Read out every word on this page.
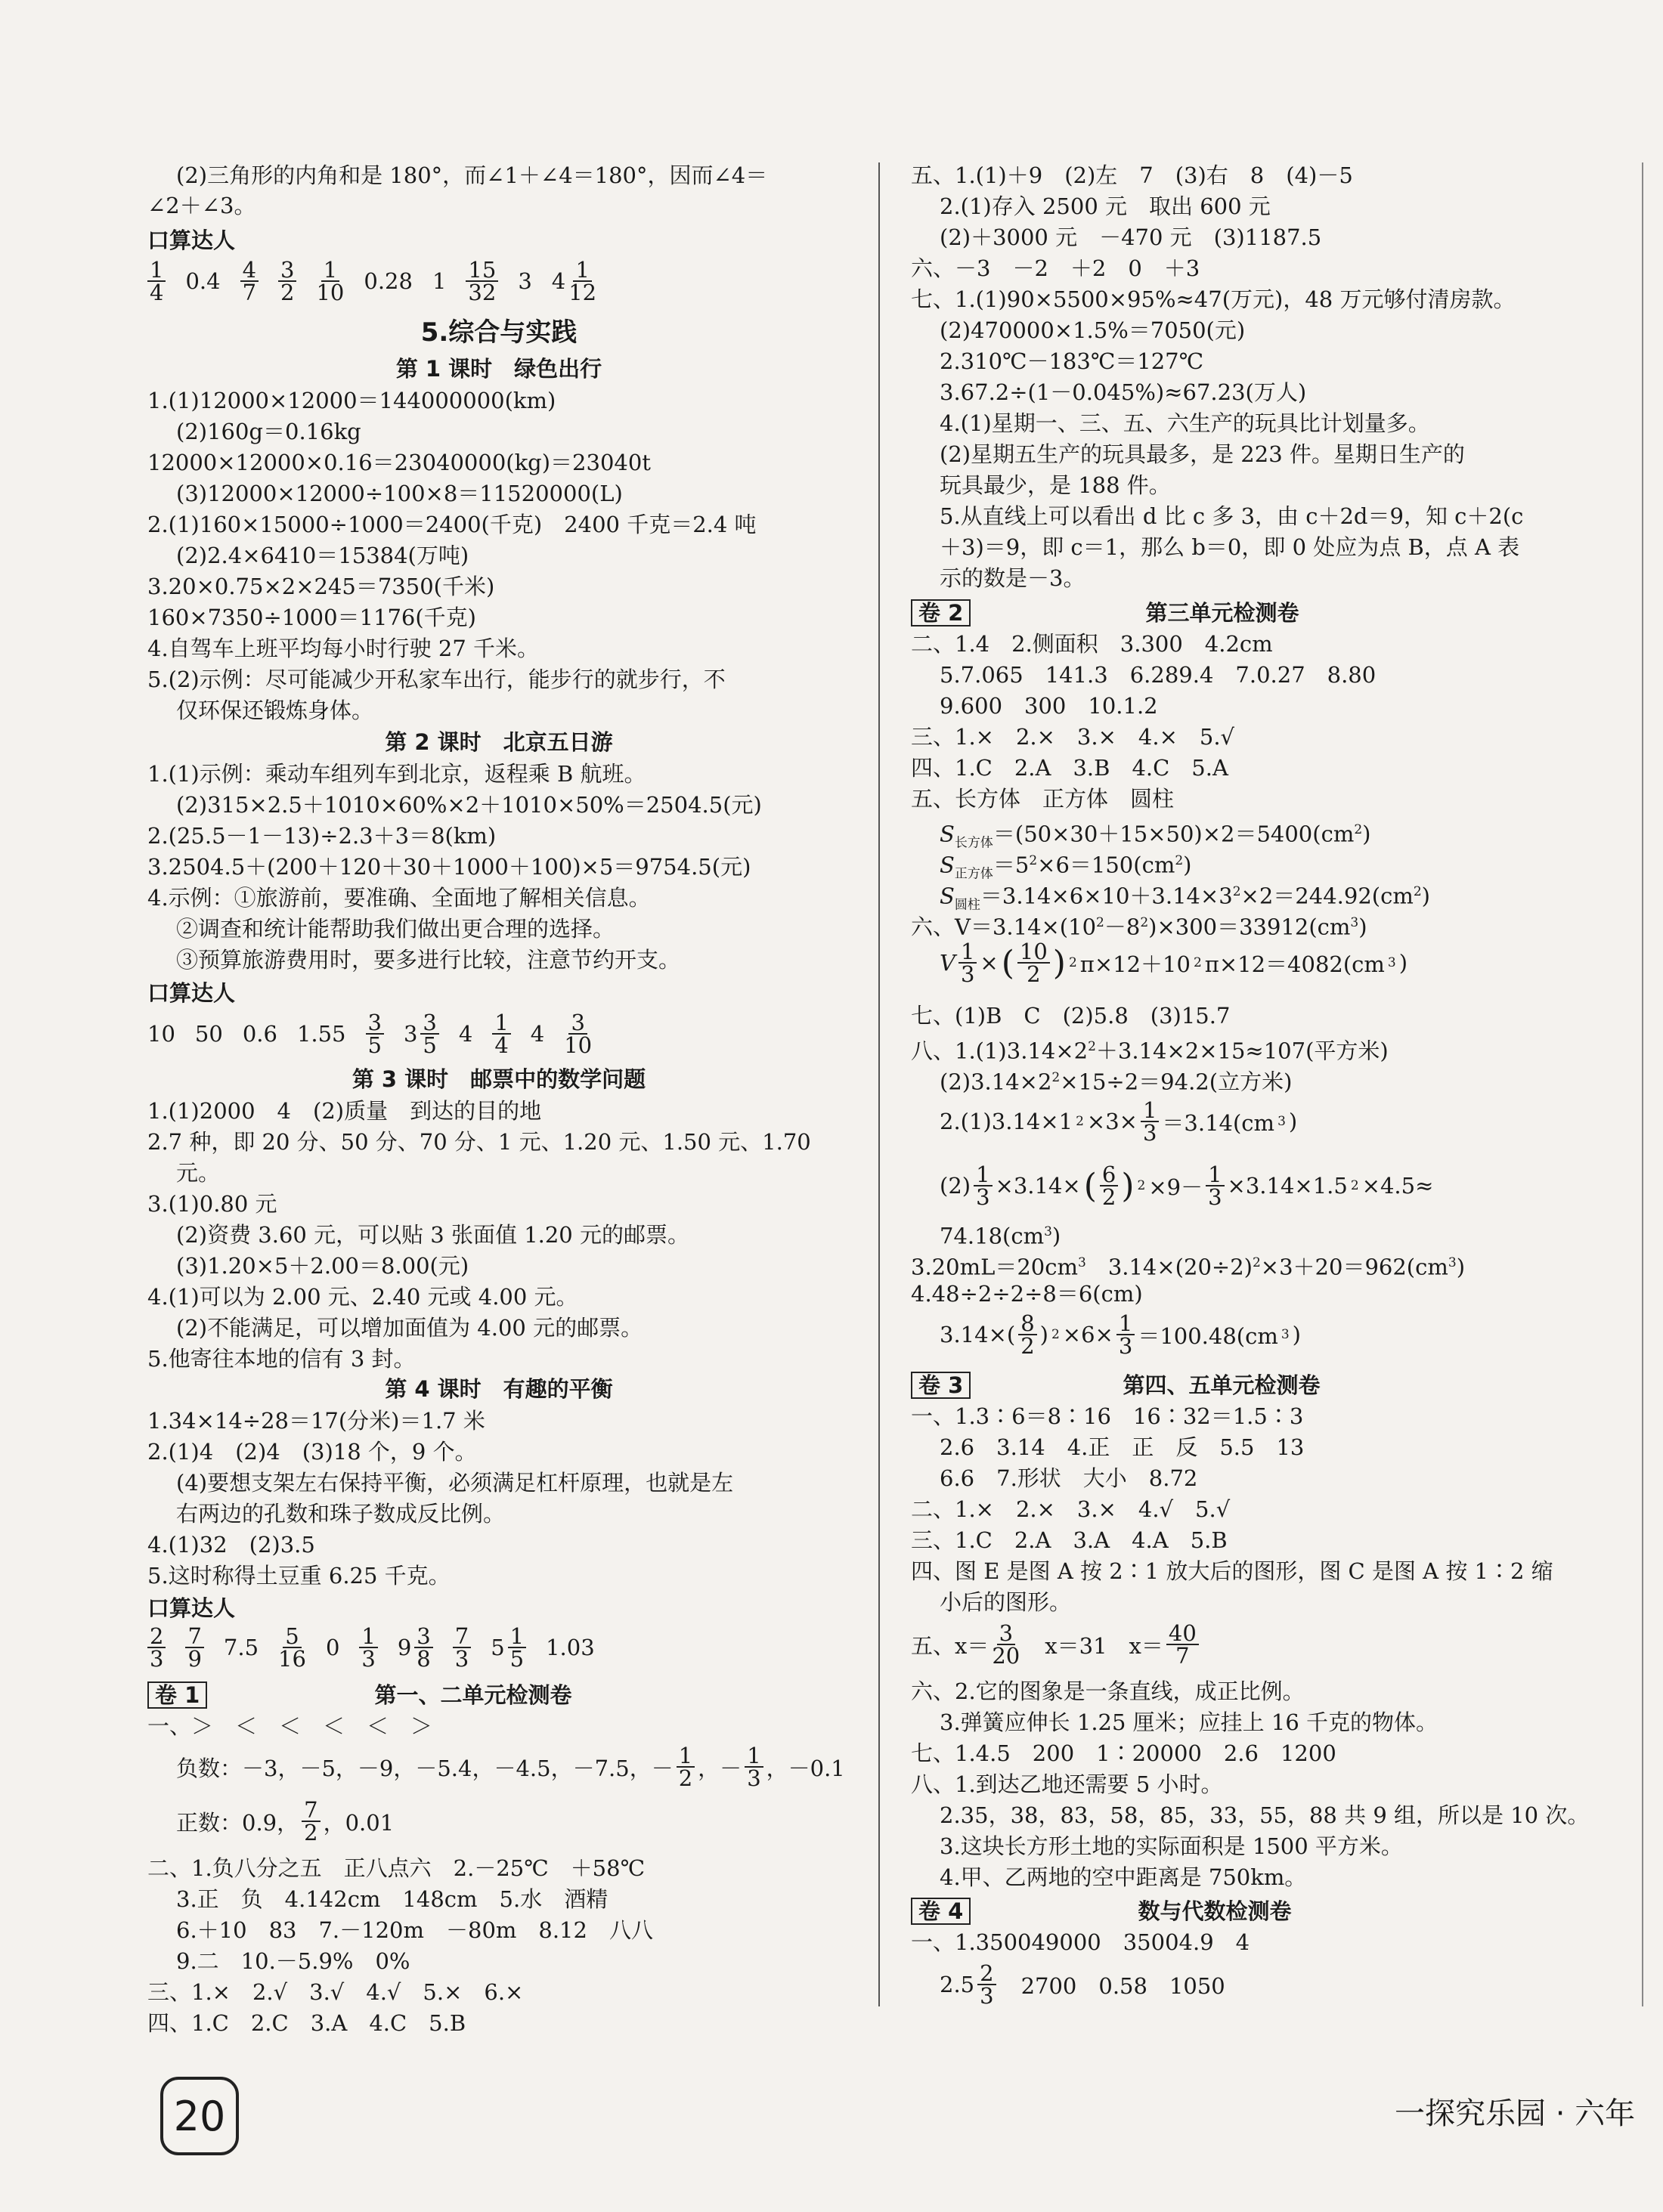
(2)三角形的内角和是 180°，而∠1＋∠4＝180°，因而∠4＝
∠2＋∠3。
口算达人
1
4 0.4 4
7
3
2
1
10 0.28 1 15
32 3 4 1
12
5.综合与实践
第 1 课时　绿色出行
1.(1)12000×12000＝144000000(km)
(2)160g＝0.16kg
12000×12000×0.16＝23040000(kg)＝23040t
(3)12000×12000÷100×8＝11520000(L)
2.(1)160×15000÷1000＝2400(千克)　2400 千克＝2.4 吨
(2)2.4×6410＝15384(万吨)
3.20×0.75×2×245＝7350(千米)
160×7350÷1000＝1176(千克)
4.自驾车上班平均每小时行驶 27 千米。
5.(2)示例：尽可能减少开私家车出行，能步行的就步行，不
仅环保还锻炼身体。
第 2 课时　北京五日游
1.(1)示例：乘动车组列车到北京，返程乘 B 航班。
(2)315×2.5＋1010×60%×2＋1010×50%＝2504.5(元)
2.(25.5－1－13)÷2.3＋3＝8(km)
3.2504.5＋(200＋120＋30＋1000＋100)×5＝9754.5(元)
4.示例：①旅游前，要准确、全面地了解相关信息。
②调查和统计能帮助我们做出更合理的选择。
③预算旅游费用时，要多进行比较，注意节约开支。
口算达人
10 50 0.6 1.55 3
5 3 3
5 4 1
4 4 3
10
第 3 课时　邮票中的数学问题
1.(1)2000　4　(2)质量　到达的目的地
2.7 种，即 20 分、50 分、70 分、1 元、1.20 元、1.50 元、1.70
元。
3.(1)0.80 元
(2)资费 3.60 元，可以贴 3 张面值 1.20 元的邮票。
(3)1.20×5＋2.00＝8.00(元)
4.(1)可以为 2.00 元、2.40 元或 4.00 元。
(2)不能满足，可以增加面值为 4.00 元的邮票。
5.他寄往本地的信有 3 封。
第 4 课时　有趣的平衡
1.34×14÷28＝17(分米)＝1.7 米
2.(1)4　(2)4　(3)18 个，9 个。
(4)要想支架左右保持平衡，必须满足杠杆原理，也就是左
右两边的孔数和珠子数成反比例。
4.(1)32　(2)3.5
5.这时称得土豆重 6.25 千克。
口算达人
2
3
7
9 7.5 5
16 0 1
3 9 3
8
7
3 5 1
5 1.03
卷 1	第一、二单元检测卷
一、＞　＜　＜　＜　＜　＞
负数：－3，－5，－9，－5.4，－4.5，－7.5，－ 1
2 ，－ 1
3 ，－0.1
正数：0.9， 7
2 ，0.01
二、1.负八分之五　正八点六　2.－25℃　＋58℃
3.正　负　4.142cm　148cm　5.水　酒精
6.＋10　83　7.－120m　－80m　8.12　八八
9.二　10.－5.9%　0%
三、1.×　2.√　3.√　4.√　5.×　6.×
四、1.C　2.C　3.A　4.C　5.B
五、1.(1)＋9　(2)左　7　(3)右　8　(4)－5
2.(1)存入 2500 元　取出 600 元
(2)＋3000 元　－470 元　(3)1187.5
六、－3　－2　＋2　0　＋3
七、1.(1)90×5500×95%≈47(万元)，48 万元够付清房款。
(2)470000×1.5%＝7050(元)
2.310℃－183℃＝127℃
3.67.2÷(1－0.045%)≈67.23(万人)
4.(1)星期一、三、五、六生产的玩具比计划量多。
(2)星期五生产的玩具最多，是 223 件。星期日生产的
玩具最少，是 188 件。
5.从直线上可以看出 d 比 c 多 3，由 c＋2d＝9，知 c＋2(c
＋3)＝9，即 c＝1，那么 b＝0，即 0 处应为点 B，点 A 表
示的数是－3。
卷 2	第三单元检测卷
二、1.4　2.侧面积　3.300　4.2cm
5.7.065　141.3　6.289.4　7.0.27　8.80
9.600　300　10.1.2
三、1.×　2.×　3.×　4.×　5.√
四、1.C　2.A　3.B　4.C　5.A
五、长方体　正方体　圆柱
$S_{长方体}=(50\times 30+15\times 50)\times 2=5400(cm^2)$
$S_{正方体}=5^2\times 6=150(cm^2)$
$S_{圆柱}=3.14\times 6\times 10+3.14\times 3^2\times 2=244.92(cm^2)$
六、$V=3.14\times(10^2-8^2)\times 300=33912(cm^3)$
V $\frac{1}{3}$ × ( 10
2 ) 2 π×12＋10 2 π×12＝4082(cm 3 )
七、(1)B　C　(2)5.8　(3)15.7
八、$1.(1)3.14\times 2^2+3.14\times 2\times 15\approx 107$(平方米)
$(2)3.14\times 2^2\times 15\div 2=94.2$(立方米)
2.(1)3.14×1 $2 \times 3\times \frac{1}{3} =3.14(cm$ 3 )
$(2) \frac{1}{3} \times 3.14\times$ ( 6
2 ) $2 \times 9- \frac{1}{3} \times 3.14\times 1.5$ 2 ×4.5≈
$74.18(cm^3)$
$3.20mL=20cm^3$　$3.14\times(20\div 2)^2\times 3+20=962(cm^3)$
4.48÷2÷2÷8＝6(cm)
3.14×( 8
2 ) $2 \times 6\times \frac{1}{3} =100.48(cm$ 3 )
卷 3	第四、五单元检测卷
一、1.3∶6＝8∶16　16∶32＝1.5∶3
2.6　3.14　4.正　正　反　5.5　13
6.6　7.形状　大小　8.72
二、1.×　2.×　3.×　4.√　5.√
三、1.C　2.A　3.A　4.A　5.B
四、图 E 是图 A 按 2∶1 放大后的图形，图 C 是图 A 按 1∶2 缩
小后的图形。
五、x＝ 3
20 　x＝31　x＝ 40
7
六、2.它的图象是一条直线，成正比例。
3.弹簧应伸长 1.25 厘米；应挂上 16 千克的物体。
七、1.4.5　200　1∶20000　2.6　1200
八、1.到达乙地还需要 5 小时。
2.35，38，83，58，85，33，55，88 共 9 组，所以是 10 次。
3.这块长方形土地的实际面积是 1500 平方米。
4.甲、乙两地的空中距离是 750km。
卷 4	数与代数检测卷
一、1.350049000　35004.9　4
2.5 2
3 　2700　0.58　1050
20	一探究乐园 · 六年
